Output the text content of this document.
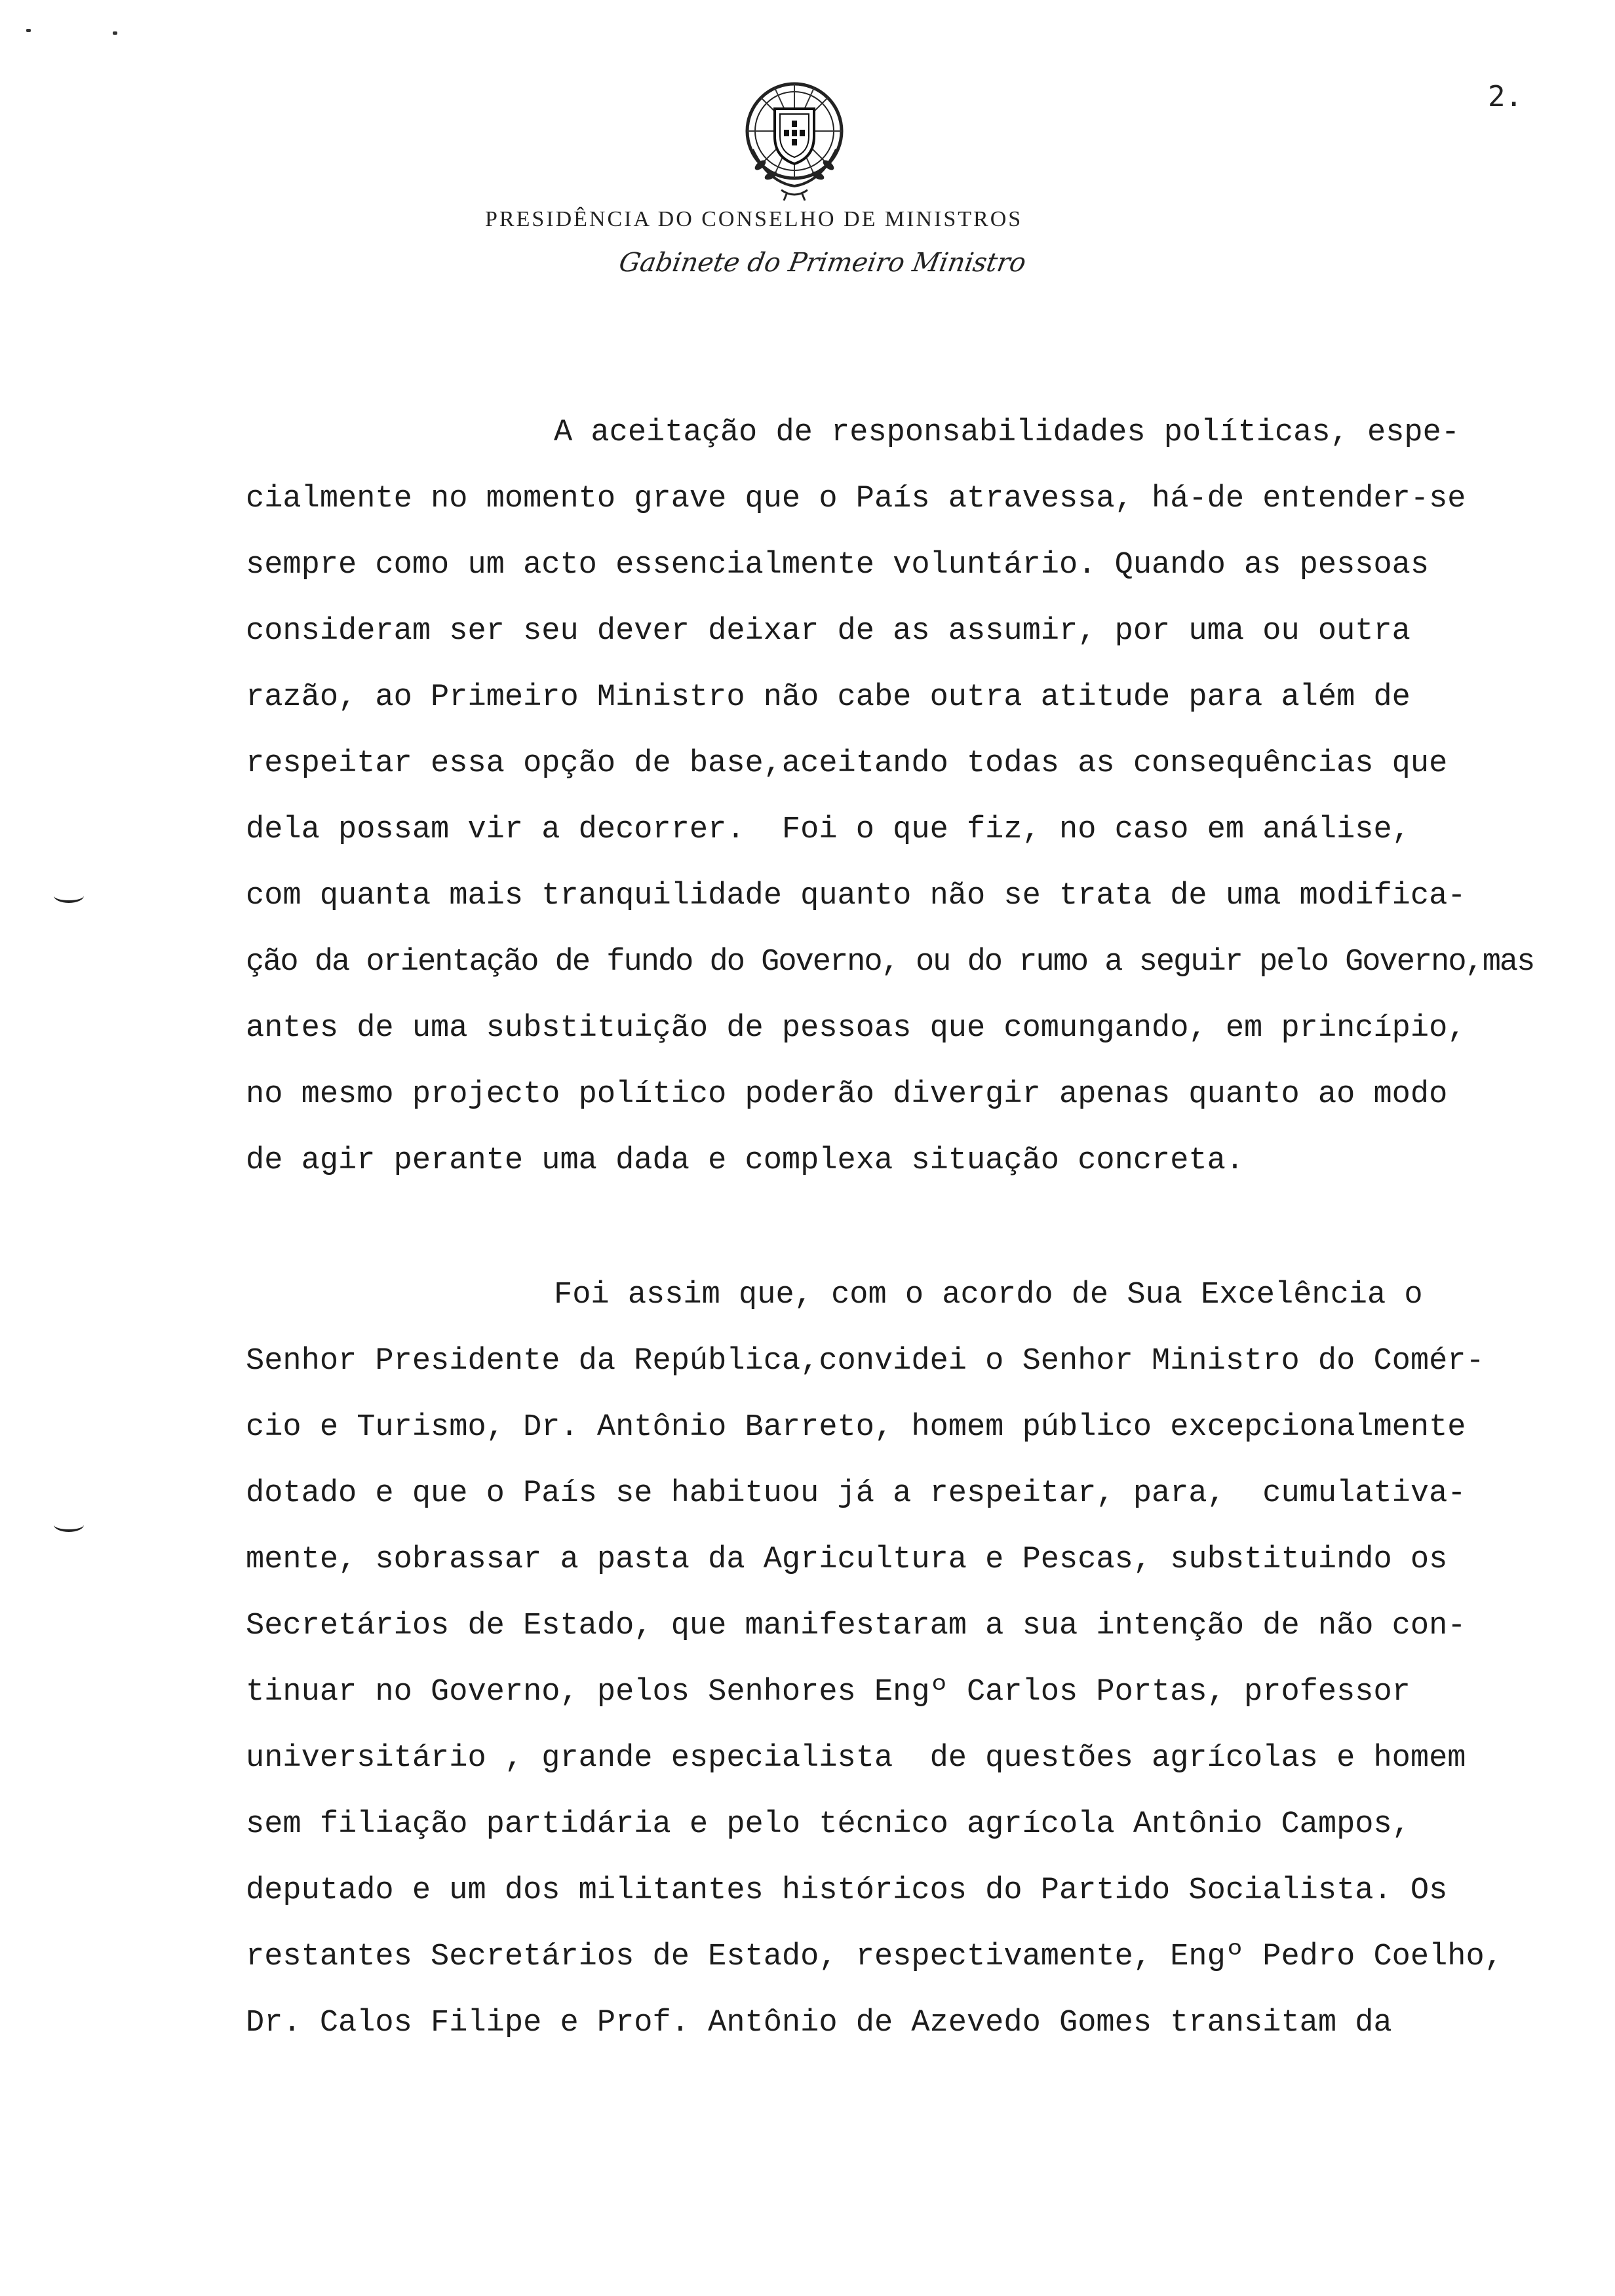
2.
PRESIDÊNCIA DO CONSELHO DE MINISTROS
Gabinete do Primeiro Ministro
A aceitação de responsabilidades políticas, espe-
cialmente no momento grave que o País atravessa, há-de entender-se
sempre como um acto essencialmente voluntário. Quando as pessoas
consideram ser seu dever deixar de as assumir, por uma ou outra
razão, ao Primeiro Ministro não cabe outra atitude para além de
respeitar essa opção de base,aceitando todas as consequências que
dela possam vir a decorrer.  Foi o que fiz, no caso em análise,
com quanta mais tranquilidade quanto não se trata de uma modifica-
ção da orientação de fundo do Governo, ou do rumo a seguir pelo Governo,mas
antes de uma substituição de pessoas que comungando, em princípio,
no mesmo projecto político poderão divergir apenas quanto ao modo
de agir perante uma dada e complexa situação concreta.
Foi assim que, com o acordo de Sua Excelência o
Senhor Presidente da República,convidei o Senhor Ministro do Comér-
cio e Turismo, Dr. Antônio Barreto, homem público excepcionalmente
dotado e que o País se habituou já a respeitar, para,  cumulativa-
mente, sobrassar a pasta da Agricultura e Pescas, substituindo os
Secretários de Estado, que manifestaram a sua intenção de não con-
tinuar no Governo, pelos Senhores Engº Carlos Portas, professor
universitário , grande especialista  de questões agrícolas e homem
sem filiação partidária e pelo técnico agrícola Antônio Campos,
deputado e um dos militantes históricos do Partido Socialista. Os
restantes Secretários de Estado, respectivamente, Engº Pedro Coelho,
Dr. Calos Filipe e Prof. Antônio de Azevedo Gomes transitam da
